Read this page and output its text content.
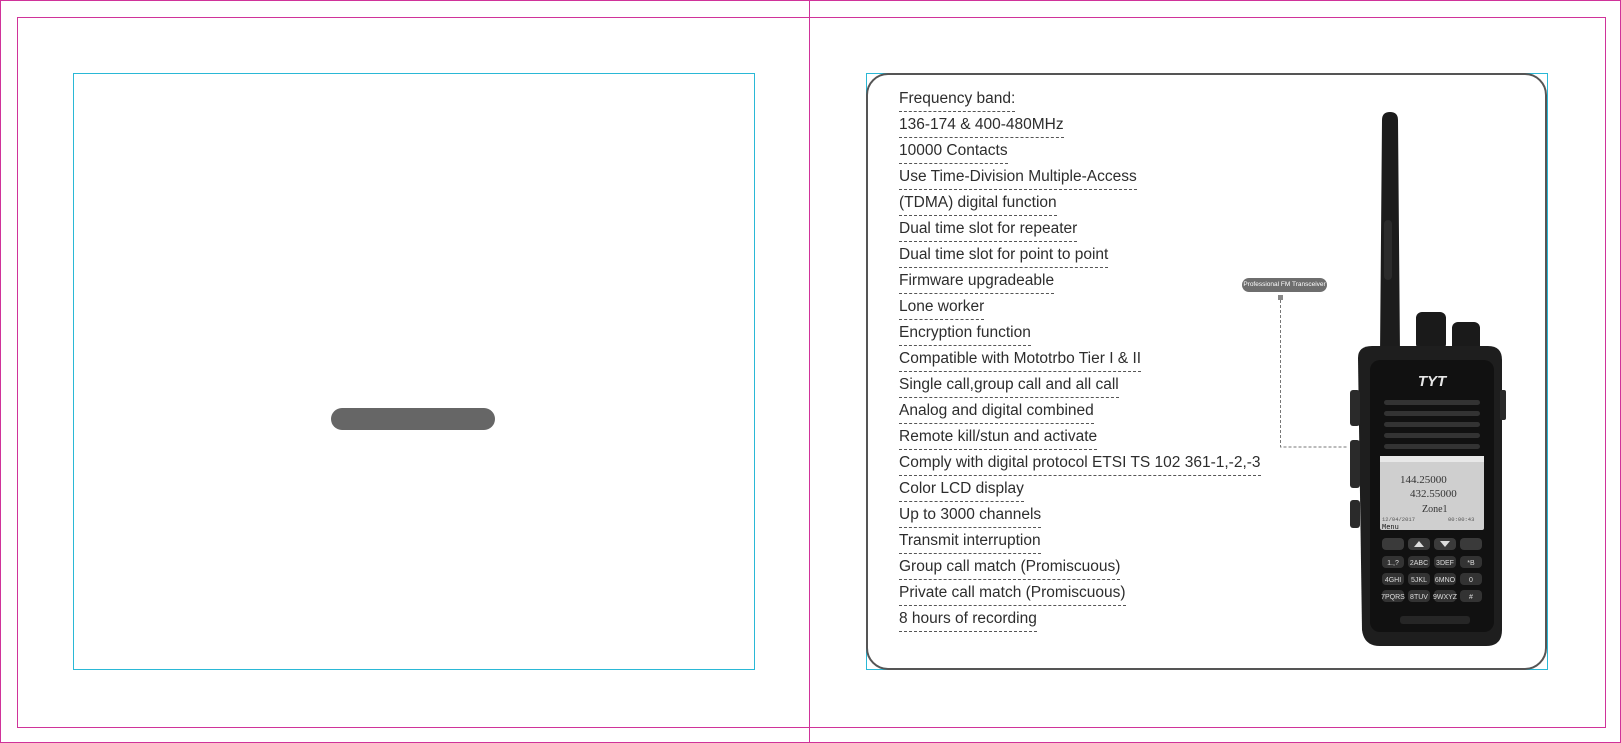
Frequency band:
136-174 & 400-480MHz
10000 Contacts
Use Time-Division Multiple-Access
(TDMA) digital function
Dual time slot for repeater
Dual time slot for point to point
Firmware upgradeable
Lone worker
Encryption function
Compatible with Mototrbo Tier I & II
Single call,group call and all call
Analog and digital combined
Remote kill/stun and activate
Comply with digital protocol ETSI TS 102 361-1,-2,-3
Color LCD display
Up to 3000 channels
Transmit interruption
Group call match (Promiscuous)
Private call match (Promiscuous)
8 hours of recording
Professional FM Transceiver
TYT
144.25000
432.55000
Zone1
12/04/2017	00:00:43
Menu
1.,? 2ABC 3DEF *B
4GHI 5JKL 6MNO 0
7PQRS 8TUV 9WXYZ #
